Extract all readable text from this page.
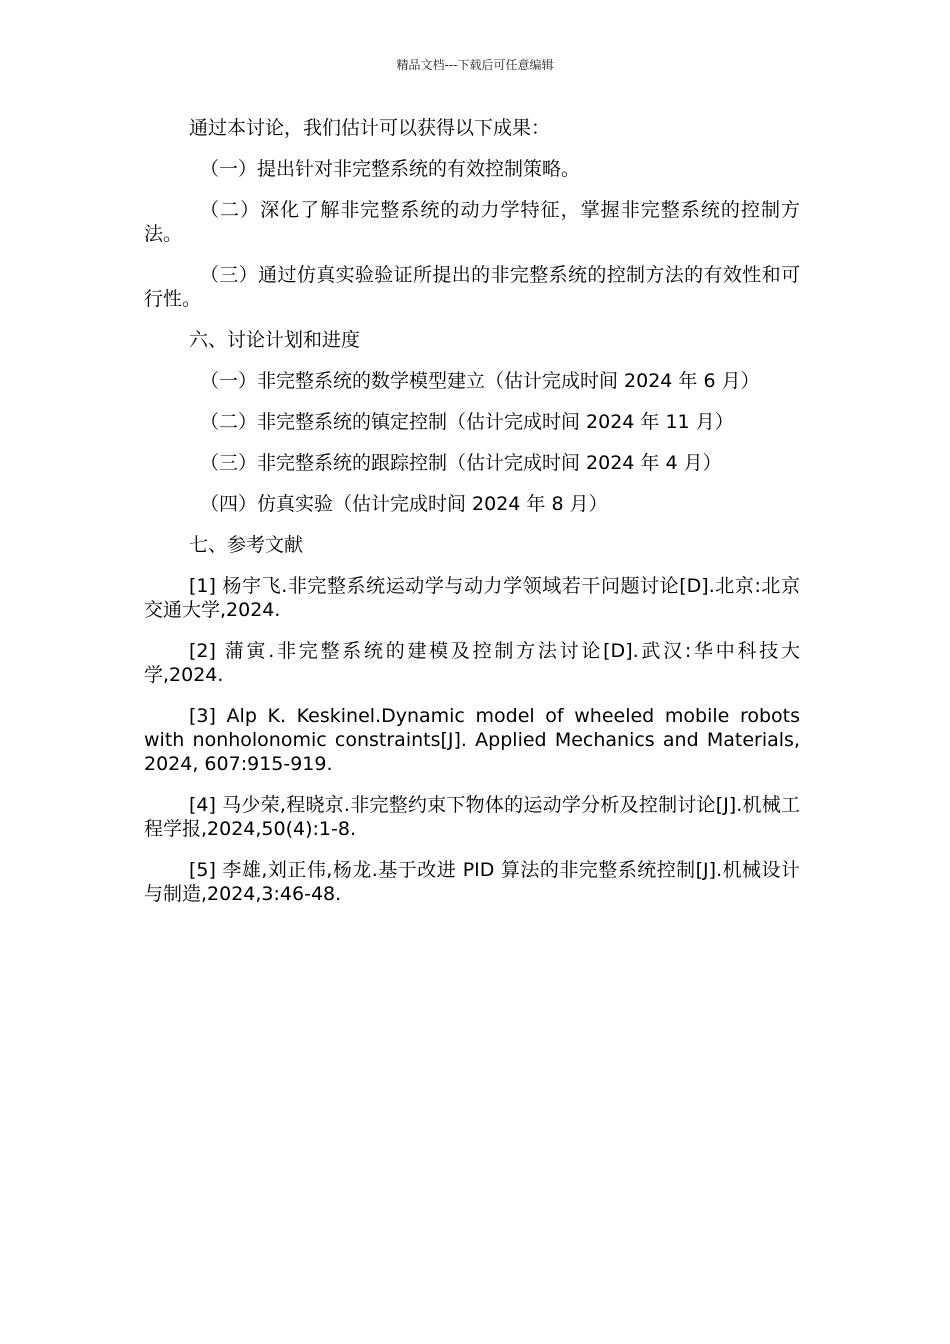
精品文档---下载后可任意编辑

通过本讨论，我们估计可以获得以下成果：

（一）提出针对非完整系统的有效控制策略。

（二）深化了解非完整系统的动力学特征，掌握非完整系统的控制方法。

（三）通过仿真实验验证所提出的非完整系统的控制方法的有效性和可行性。

六、讨论计划和进度

（一）非完整系统的数学模型建立（估计完成时间 2024 年 6 月）

（二）非完整系统的镇定控制（估计完成时间 2024 年 11 月）

（三）非完整系统的跟踪控制（估计完成时间 2024 年 4 月）

（四）仿真实验（估计完成时间 2024 年 8 月）

七、参考文献

[1] 杨宇飞.非完整系统运动学与动力学领域若干问题讨论[D].北京:北京交通大学,2024.

[2] 蒲寅.非完整系统的建模及控制方法讨论[D].武汉:华中科技大学,2024.

[3] Alp K. Keskinel.Dynamic model of wheeled mobile robots with nonholonomic constraints[J]. Applied Mechanics and Materials, 2024, 607:915-919.

[4] 马少荣,程晓京.非完整约束下物体的运动学分析及控制讨论[J].机械工程学报,2024,50(4):1-8.

[5] 李雄,刘正伟,杨龙.基于改进 PID 算法的非完整系统控制[J].机械设计与制造,2024,3:46-48.
